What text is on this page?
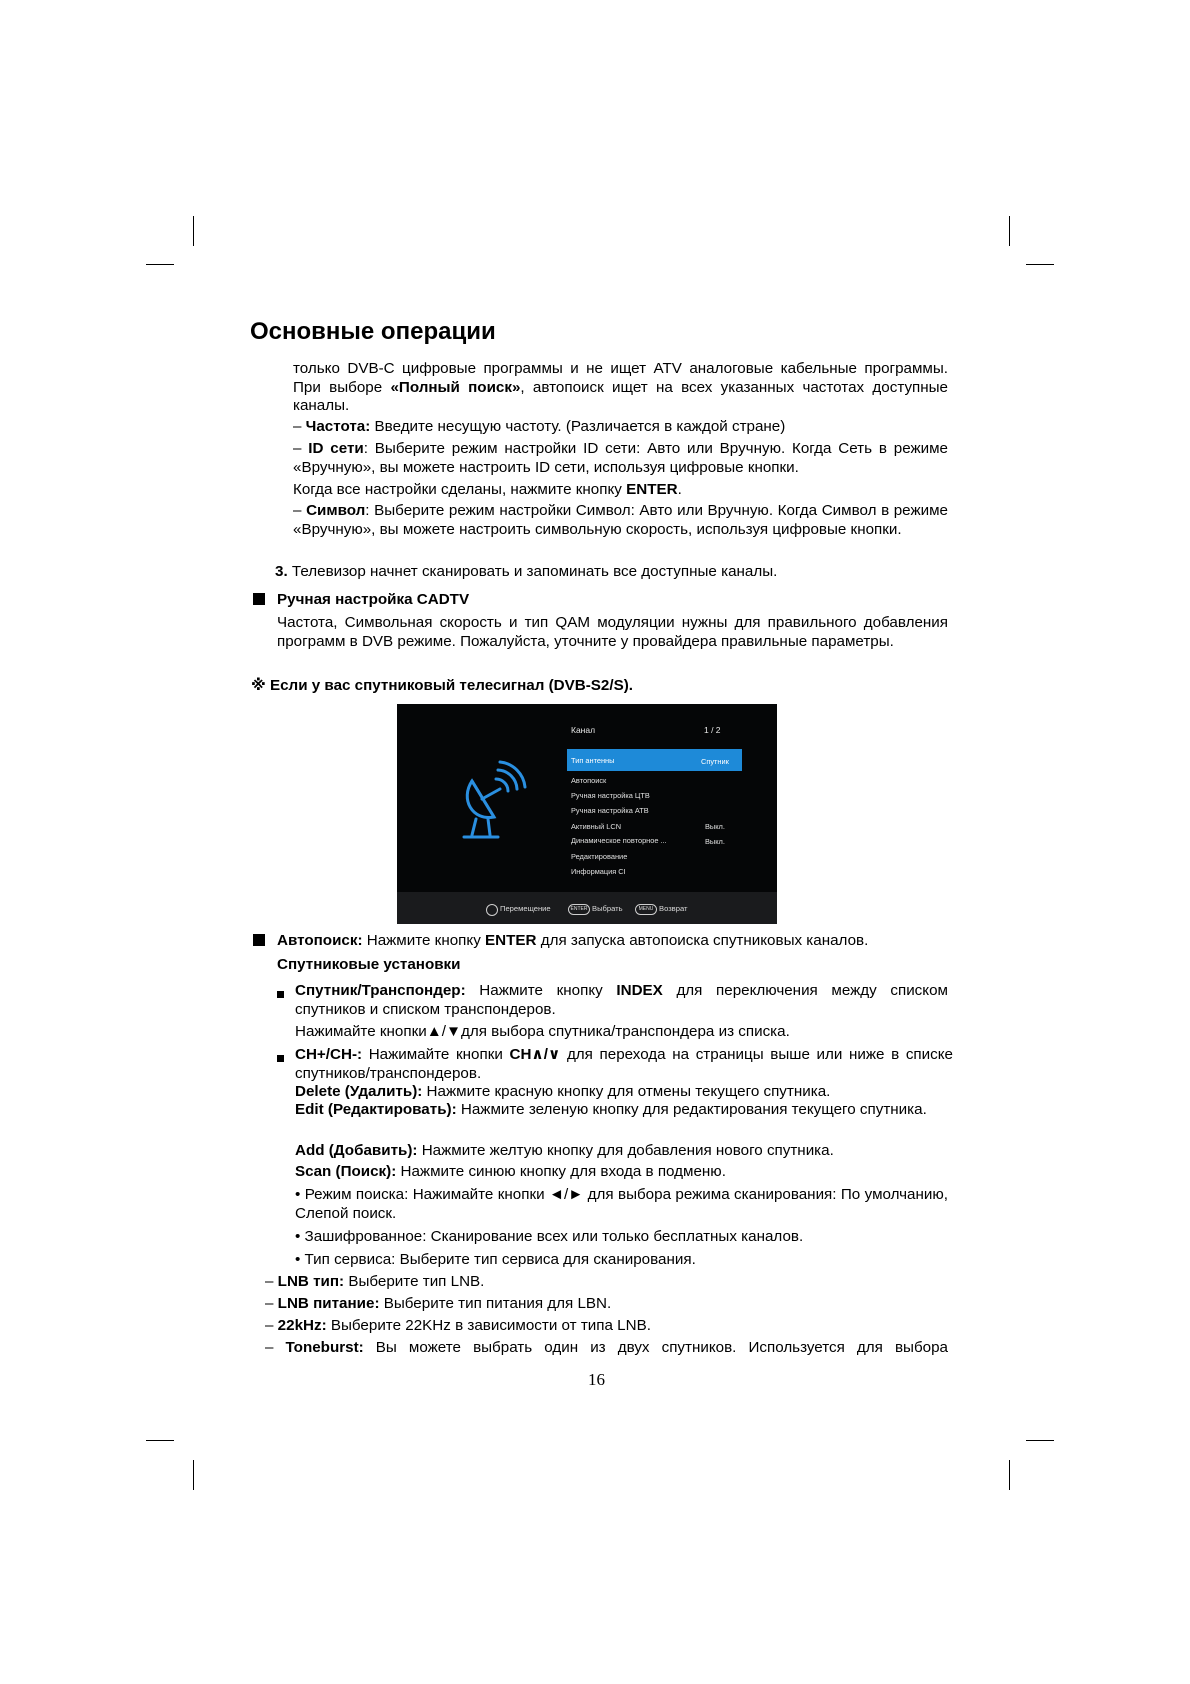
Основные операции

только DVB-C цифровые программы и не ищет ATV аналоговые кабельные программы. При выборе «Полный поиск», автопоиск ищет на всех указанных частотах доступные каналы.

– Частота: Введите несущую частоту. (Различается в каждой стране)

– ID сети: Выберите режим настройки ID сети: Авто или Вручную. Когда Сеть в режиме «Вручную», вы можете настроить ID сети, используя цифровые кнопки.

Когда все настройки сделаны, нажмите кнопку ENTER.

– Символ: Выберите режим настройки Символ: Авто или Вручную. Когда Символ в режиме «Вручную», вы можете настроить символьную скорость, используя цифровые кнопки.

3. Телевизор начнет сканировать и запоминать все доступные каналы.

Ручная настройка CADTV

Частота, Символьная скорость и тип QAM модуляции нужны для правильного добавления программ в DVB режиме. Пожалуйста, уточните у провайдера правильные параметры.

※ Если у вас спутниковый телесигнал (DVB-S2/S).

Канал	1 / 2
Тип антенны	Спутник
Автопоиск
Ручная настройка ЦТВ
Ручная настройка АТВ
Активный LCN	Выкл.
Динамическое повторное ...	Выкл.
Редактирование
Информация CI
Перемещение	ENTER Выбрать	MENU Возврат

Автопоиск: Нажмите кнопку ENTER для запуска автопоиска спутниковых каналов.

Спутниковые установки

Спутник/Транспондер: Нажмите кнопку INDEX для переключения между списком спутников и списком транспондеров.

Нажимайте кнопки▲/▼для выбора спутника/транспондера из списка.

CH+/CH-: Нажимайте кнопки CH∧/∨ для перехода на страницы выше или ниже в списке спутников/транспондеров.

Delete (Удалить): Нажмите красную кнопку для отмены текущего спутника.

Edit (Редактировать): Нажмите зеленую кнопку для редактирования текущего спутника.

Add (Добавить): Нажмите желтую кнопку для добавления нового спутника.

Scan (Поиск): Нажмите синюю кнопку для входа в подменю.

• Режим поиска: Нажимайте кнопки ◄/► для выбора режима сканирования: По умолчанию, Слепой поиск.

• Зашифрованное: Сканирование всех или только бесплатных каналов.

• Тип сервиса: Выберите тип сервиса для сканирования.

– LNB тип: Выберите тип LNB.

– LNB питание: Выберите тип питания для LBN.

– 22kHz: Выберите 22KHz в зависимости от типа LNB.

– Toneburst: Вы можете выбрать один из двух спутников. Используется для выбора

16
